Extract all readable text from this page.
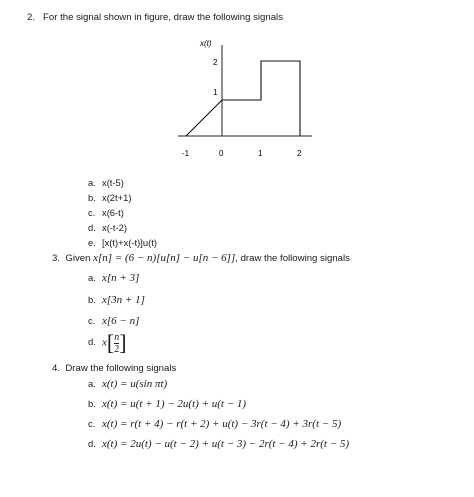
2. For the signal shown in figure, draw the following signals
x(t)
2
1
-1	0	1	2
a. x(t-5)
b. x(2t+1)
c. x(6-t)
d. x(-t-2)
e. [x(t)+x(-t)]u(t)
3. Given x[n] = (6 − n)[u[n] − u[n − 6]], draw the following signals
a. x[n + 3]
b. x[3n + 1]
c. x[6 − n]
d. $x[ \frac{n}{2}$ ]
4. Draw the following signals
a. x(t) = u(sin πt)
b. x(t) = u(t + 1) − 2u(t) + u(t − 1)
c. x(t) = r(t + 4) − r(t + 2) + u(t) − 3r(t − 4) + 3r(t − 5)
d. x(t) = 2u(t) − u(t − 2) + u(t − 3) − 2r(t − 4) + 2r(t − 5)
